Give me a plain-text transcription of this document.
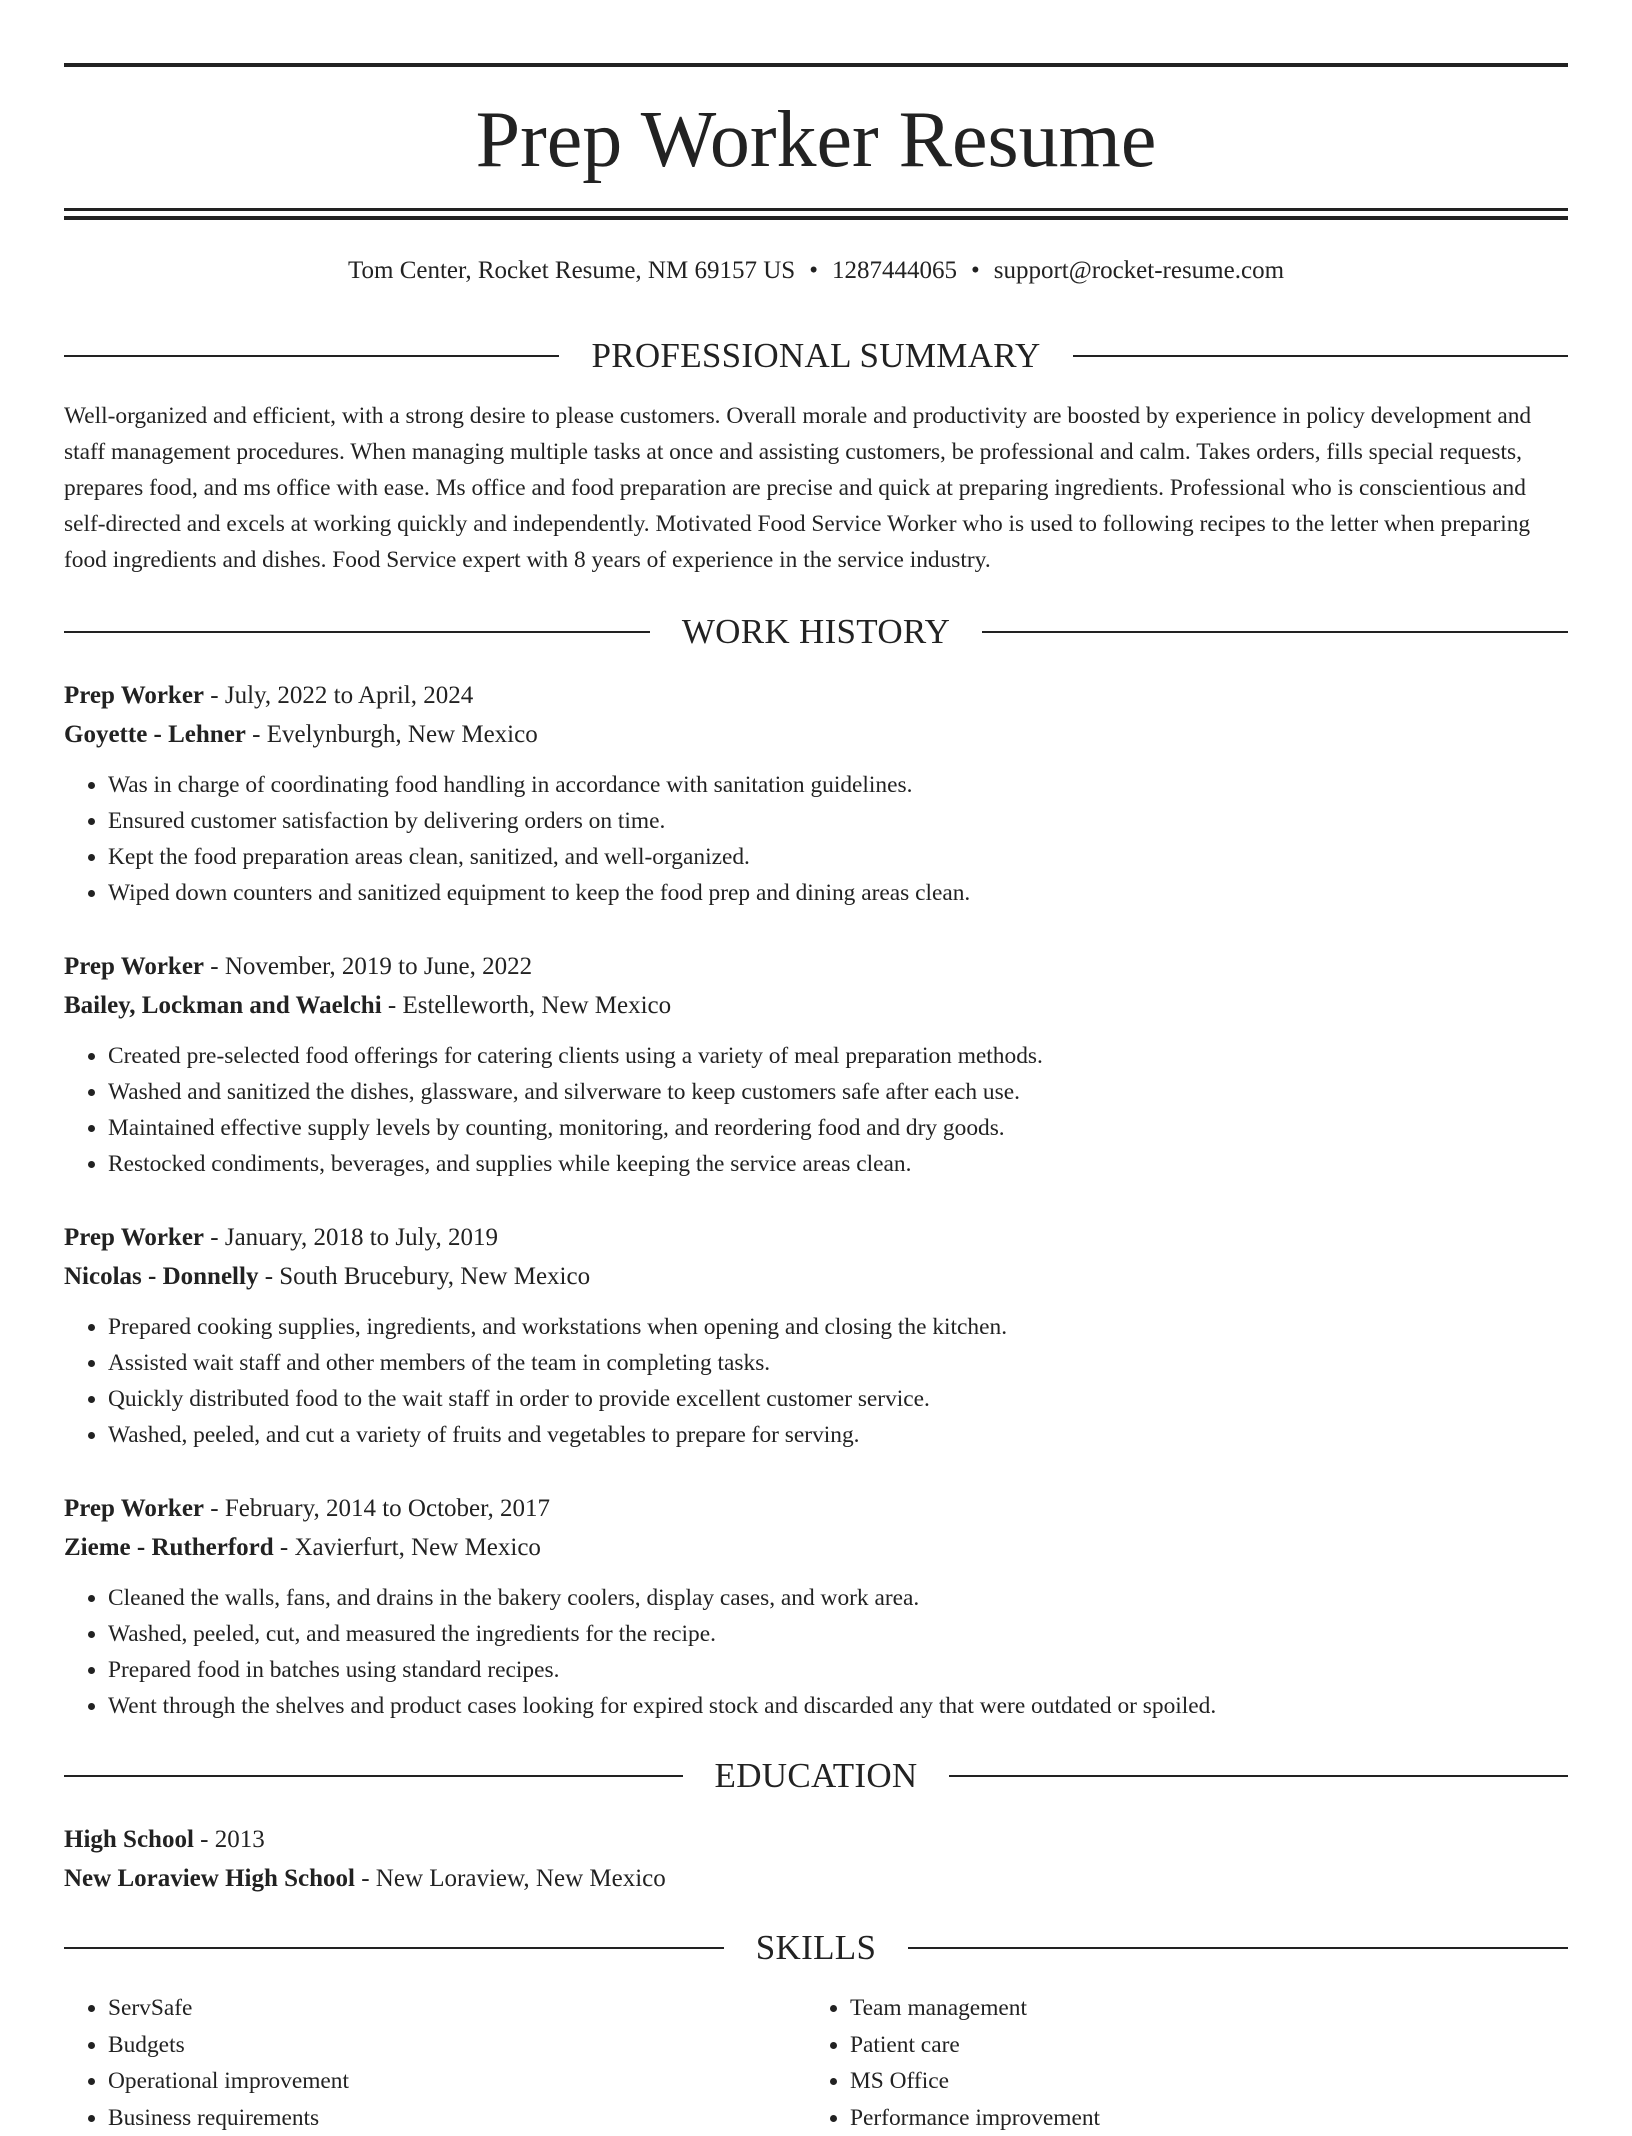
Prep Worker Resume
Tom Center, Rocket Resume, NM 69157 US • 1287444065 • support@rocket-resume.com
PROFESSIONAL SUMMARY

Well-organized and efficient, with a strong desire to please customers. Overall morale and productivity are boosted by experience in policy development and staff management procedures. When managing multiple tasks at once and assisting customers, be professional and calm. Takes orders, fills special requests, prepares food, and ms office with ease. Ms office and food preparation are precise and quick at preparing ingredients. Professional who is conscientious and self-directed and excels at working quickly and independently. Motivated Food Service Worker who is used to following recipes to the letter when preparing food ingredients and dishes. Food Service expert with 8 years of experience in the service industry.

WORK HISTORY
Prep Worker - July, 2022 to April, 2024
Goyette - Lehner - Evelynburgh, New Mexico
• Was in charge of coordinating food handling in accordance with sanitation guidelines.
• Ensured customer satisfaction by delivering orders on time.
• Kept the food preparation areas clean, sanitized, and well-organized.
• Wiped down counters and sanitized equipment to keep the food prep and dining areas clean.
Prep Worker - November, 2019 to June, 2022
Bailey, Lockman and Waelchi - Estelleworth, New Mexico
• Created pre-selected food offerings for catering clients using a variety of meal preparation methods.
• Washed and sanitized the dishes, glassware, and silverware to keep customers safe after each use.
• Maintained effective supply levels by counting, monitoring, and reordering food and dry goods.
• Restocked condiments, beverages, and supplies while keeping the service areas clean.
Prep Worker - January, 2018 to July, 2019
Nicolas - Donnelly - South Brucebury, New Mexico
• Prepared cooking supplies, ingredients, and workstations when opening and closing the kitchen.
• Assisted wait staff and other members of the team in completing tasks.
• Quickly distributed food to the wait staff in order to provide excellent customer service.
• Washed, peeled, and cut a variety of fruits and vegetables to prepare for serving.
Prep Worker - February, 2014 to October, 2017
Zieme - Rutherford - Xavierfurt, New Mexico
• Cleaned the walls, fans, and drains in the bakery coolers, display cases, and work area.
• Washed, peeled, cut, and measured the ingredients for the recipe.
• Prepared food in batches using standard recipes.
• Went through the shelves and product cases looking for expired stock and discarded any that were outdated or spoiled.
EDUCATION
High School - 2013
New Loraview High School - New Loraview, New Mexico
SKILLS
• ServSafe
• Budgets
• Operational improvement
• Business requirements
• Team management
• Patient care
• MS Office
• Performance improvement
